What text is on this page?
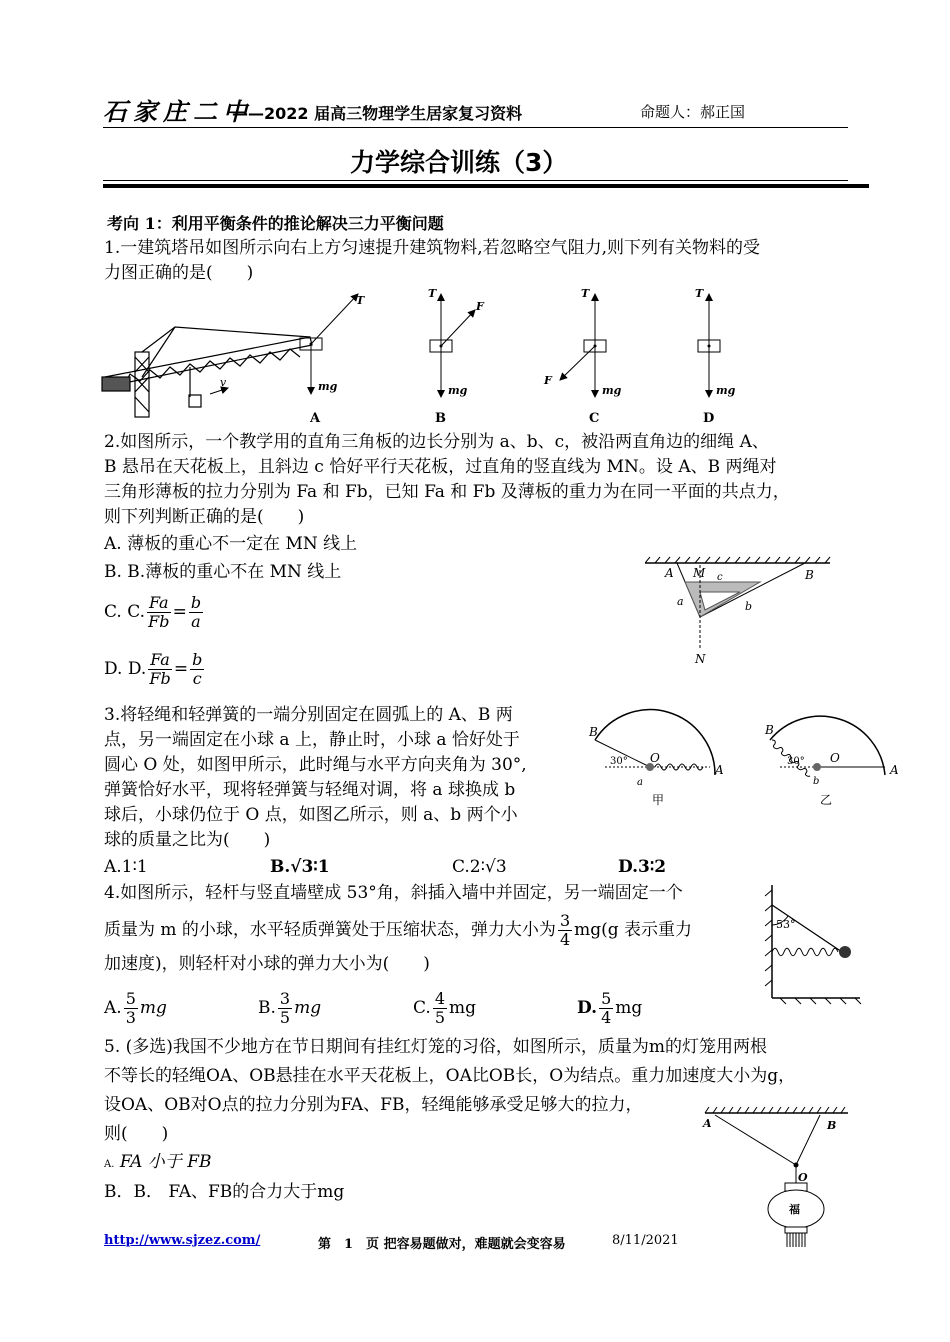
石家庄二中
——2022 届高三物理学生居家复习资料	命题人：郝正国
力学综合训练（3）
考向 1：利用平衡条件的推论解决三力平衡问题
1.一建筑塔吊如图所示向右上方匀速提升建筑物料,若忽略空气阻力,则下列有关物料的受
力图正确的是(　　)
v
T
mg
A
T
F
mg
B
T
F
mg
C
T
mg
D
2.如图所示，一个教学用的直角三角板的边长分别为 a、b、c，被沿两直角边的细绳 A、
B 悬吊在天花板上，且斜边 c 恰好平行天花板，过直角的竖直线为 MN。设 A、B 两绳对
三角形薄板的拉力分别为 Fa 和 Fb，已知 Fa 和 Fb 及薄板的重力为在同一平面的共点力，
则下列判断正确的是(　　)
A. 薄板的重心不一定在 MN 线上
B. B.薄板的重心不在 MN 线上
C. C. $\frac{Fa}{Fb} = \frac{b}{a}$
D. D. $\frac{Fa}{Fb} = \frac{b}{c}$
A M c	B
a	b
N
3.将轻绳和轻弹簧的一端分别固定在圆弧上的 A、B 两
点，另一端固定在小球 a 上，静止时，小球 a 恰好处于
圆心 O 处，如图甲所示，此时绳与水平方向夹角为 30°,
弹簧恰好水平，现将轻弹簧与轻绳对调，将 a 球换成 b
球后，小球仍位于 O 点，如图乙所示，则 a、b 两个小
球的质量之比为(　　)
A.1∶1	B.√3∶1	C.2∶√3	D.3∶2
B
O
30°
A
a
甲
B
O
30°
A
b
乙
4.如图所示，轻杆与竖直墙壁成 53°角，斜插入墙中并固定，另一端固定一个
质量为 m 的小球，水平轻质弹簧处于压缩状态，弹力大小为 $\frac{3}{4} mg(g$ 表示重力
加速度)，则轻杆对小球的弹力大小为(　　)
A. $\frac{5}{3}$ mg	B. $\frac{3}{5}$ mg	C. $\frac{4}{5}$ mg	D. $\frac{5}{4}$ mg
53°
5. (多选)我国不少地方在节日期间有挂红灯笼的习俗，如图所示，质量为m的灯笼用两根
不等长的轻绳OA、OB悬挂在水平天花板上，OA比OB长，O为结点。重力加速度大小为g，
设OA、OB对O点的拉力分别为FA、FB，轻绳能够承受足够大的拉力，
则(　　)
A. FA 小于 FB
B．B． FA、FB的合力大于mg
A	B
O
福
http://www.sjzez.com/	第　1　页 把容易题做对，难题就会变容易	8/11/2021
